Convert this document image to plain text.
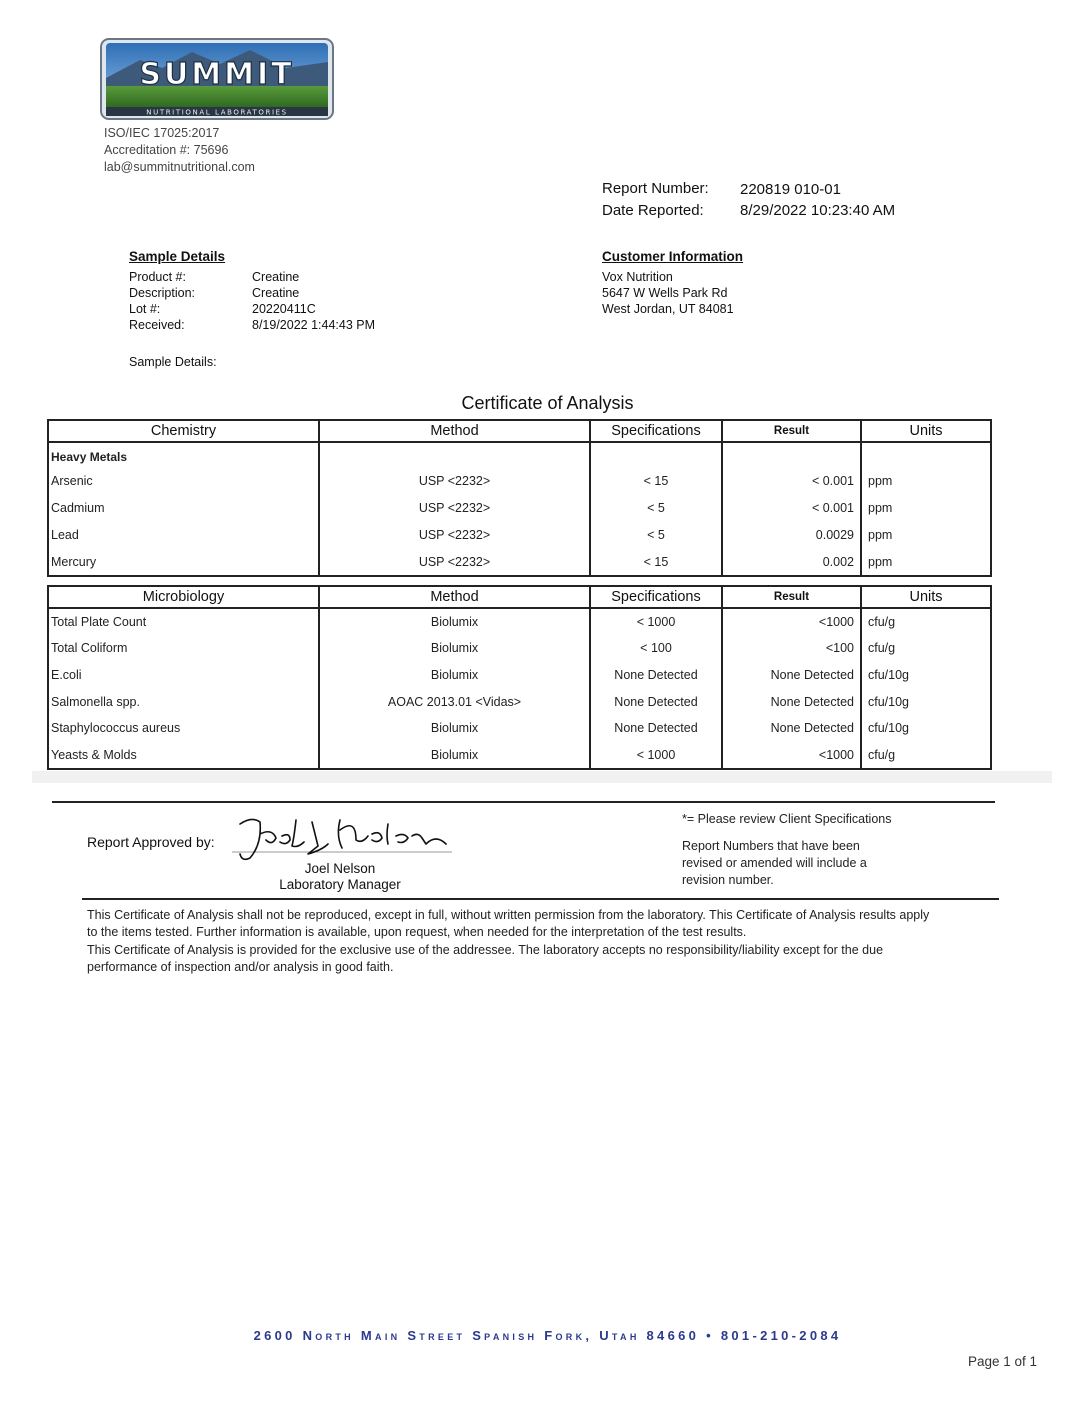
SUMMIT
NUTRITIONAL LABORATORIES
ISO/IEC 17025:2017
Accreditation #: 75696
lab@summitnutritional.com
Report Number: 220819 010-01
Date Reported: 8/29/2022 10:23:40 AM
Sample Details
Product #:	Creatine
Description:	Creatine
Lot #:	20220411C
Received:	8/19/2022 1:44:43 PM
Sample Details:
Customer Information
Vox Nutrition
5647 W Wells Park Rd
West Jordan, UT 84081
Certificate of Analysis
Chemistry	Method	Specifications	Result	Units

Heavy Metals				
Arsenic	USP <2232>	< 15	< 0.001	ppm
Cadmium	USP <2232>	< 5	< 0.001	ppm
Lead	USP <2232>	< 5	0.0029	ppm
Mercury	USP <2232>	< 15	0.002	ppm
Microbiology	Method	Specifications	Result	Units
Total Plate Count	Biolumix	< 1000	<1000	cfu/g
Total Coliform	Biolumix	< 100	<100	cfu/g
E.coli	Biolumix	None Detected	None Detected	cfu/10g
Salmonella spp.	AOAC 2013.01 <Vidas>	None Detected	None Detected	cfu/10g
Staphylococcus aureus	Biolumix	None Detected	None Detected	cfu/10g
Yeasts & Molds	Biolumix	< 1000	<1000	cfu/g
Report Approved by:
Joel Nelson
Laboratory Manager
*= Please review Client Specifications
Report Numbers that have been
revised or amended will include a
revision number.
This Certificate of Analysis shall not be reproduced, except in full, without written permission from the laboratory. This Certificate of Analysis results apply
to the items tested. Further information is available, upon request, when needed for the interpretation of the test results.
This Certificate of Analysis is provided for the exclusive use of the addressee. The laboratory accepts no responsibility/liability except for the due
performance of inspection and/or analysis in good faith.
2600 North Main Street Spanish Fork, Utah 84660 • 801-210-2084
Page 1 of 1
